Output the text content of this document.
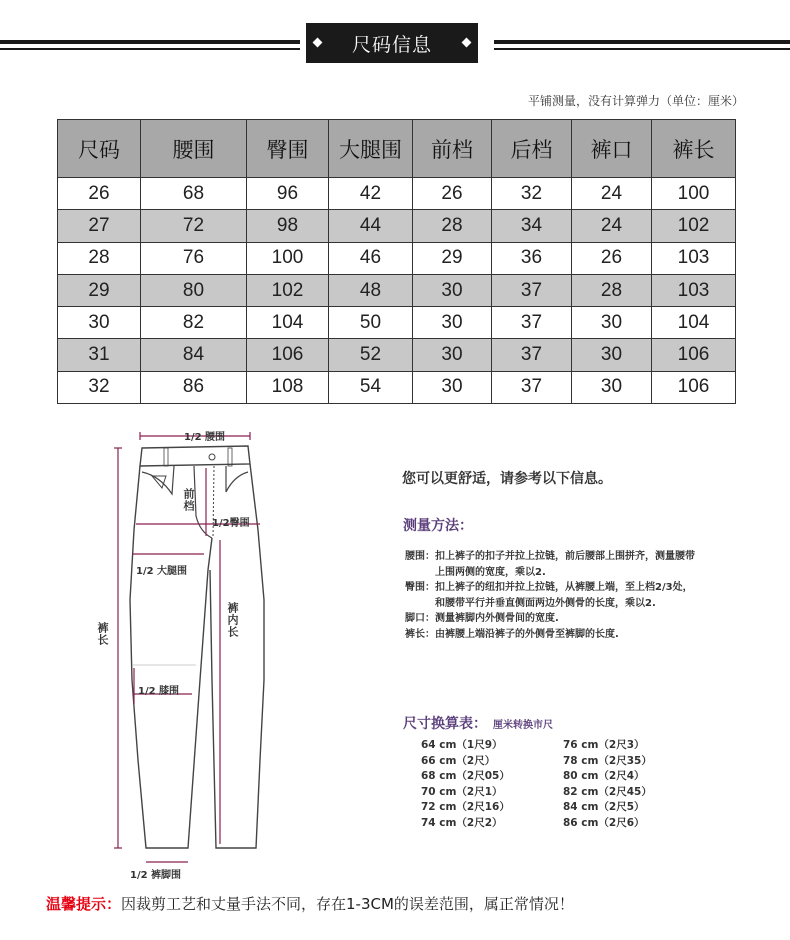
尺码信息
平铺测量，没有计算弹力（单位：厘米）
尺码	腰围	臀围	大腿围	前档	后档	裤口	裤长
26	68	96	42	26	32	24	100
27	72	98	44	28	34	24	102
28	76	100	46	29	36	26	103
29	80	102	48	30	37	28	103
30	82	104	50	30	37	30	104
31	84	106	52	30	37	30	106
32	86	108	54	30	37	30	106
1/2 腰围
前档
1/2臀围
1/2 大腿围
裤内长
裤长
1/2 膝围
1/2 裤脚围
您可以更舒适，请参考以下信息。
测量方法：
腰围： 扣上裤子的扣子并拉上拉链，前后腰部上围拼齐，测量腰带上围两侧的宽度，乘以2.
臀围： 扣上裤子的纽扣并拉上拉链，从裤腰上端，至上档2/3处，和腰带平行并垂直侧面两边外侧骨的长度，乘以2.
脚口： 测量裤脚内外侧骨间的宽度.
裤长： 由裤腰上端沿裤子的外侧骨至裤脚的长度.
尺寸换算表： 厘米转换市尺
64 cm（1尺9）
66 cm（2尺）
68 cm（2尺05）
70 cm（2尺1）
72 cm（2尺16）
74 cm（2尺2）
76 cm（2尺3）
78 cm（2尺35）
80 cm（2尺4）
82 cm（2尺45）
84 cm（2尺5）
86 cm（2尺6）
温馨提示：因裁剪工艺和丈量手法不同，存在1-3CM的误差范围，属正常情况！
